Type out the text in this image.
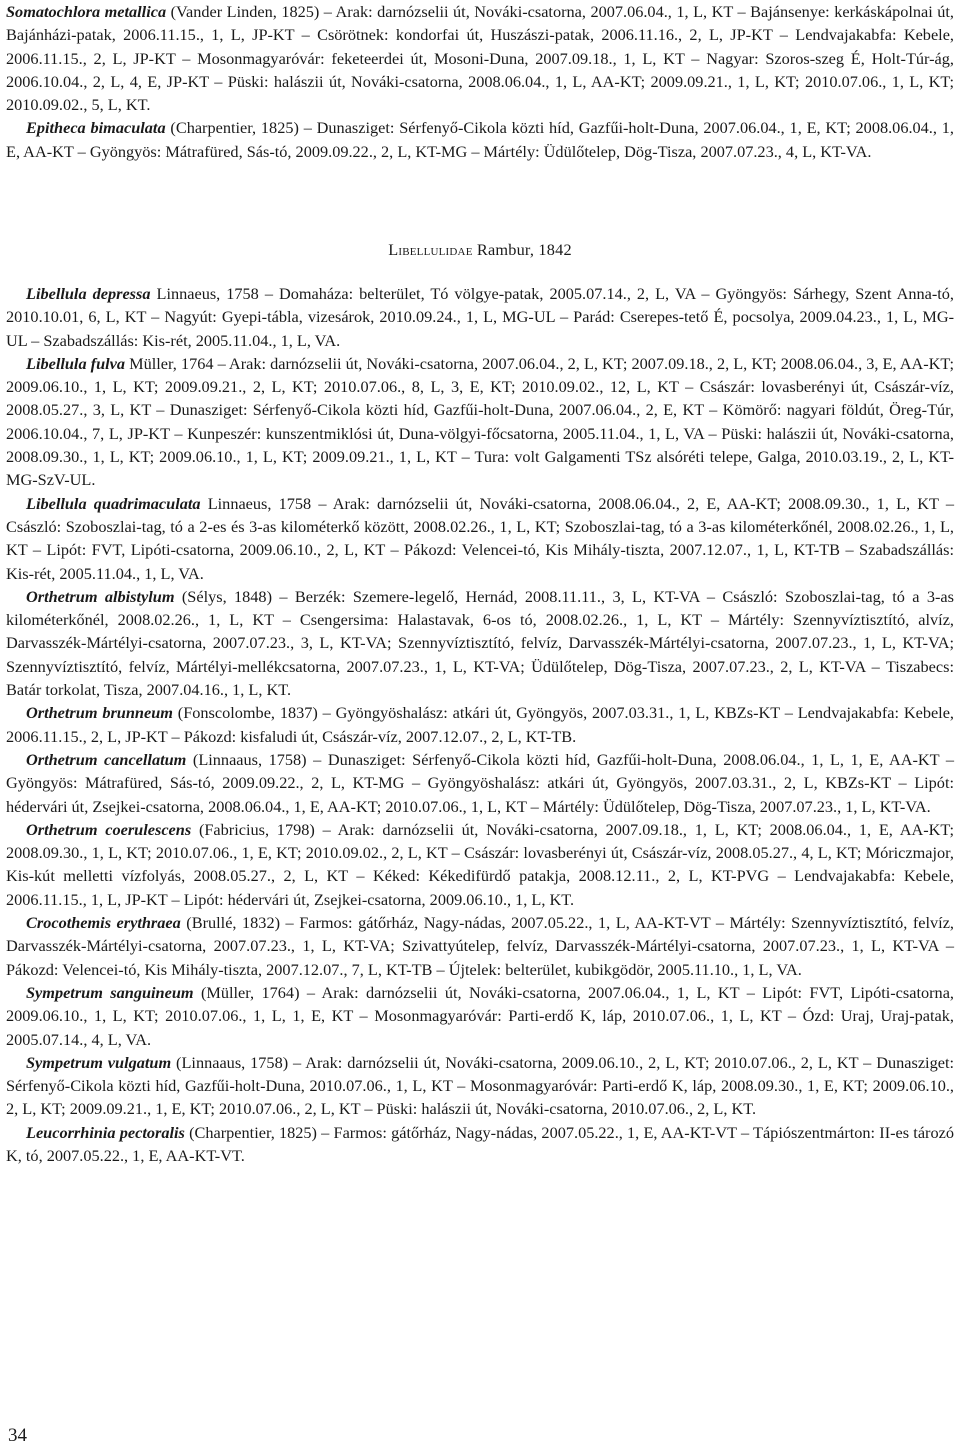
Somatochlora metallica (Vander Linden, 1825) – Arak: darnózselii út, Nováki-csatorna, 2007.06.04., 1, L, KT – Bajánsenye: kerkáskápolnai út, Bajánházi-patak, 2006.11.15., 1, L, JP-KT – Csörötnek: kondorfai út, Huszászi-patak, 2006.11.16., 2, L, JP-KT – Lendvajakabfa: Kebele, 2006.11.15., 2, L, JP-KT – Mosonmagyaróvár: feketeerdei út, Mosoni-Duna, 2007.09.18., 1, L, KT – Nagyar: Szoros-szeg É, Holt-Túr-ág, 2006.10.04., 2, L, 4, E, JP-KT – Püski: halászii út, Nováki-csatorna, 2008.06.04., 1, L, AA-KT; 2009.09.21., 1, L, KT; 2010.07.06., 1, L, KT; 2010.09.02., 5, L, KT.

Epitheca bimaculata (Charpentier, 1825) – Dunasziget: Sérfenyő-Cikola közti híd, Gazfűi-holt-Duna, 2007.06.04., 1, E, KT; 2008.06.04., 1, E, AA-KT – Gyöngyös: Mátrafüred, Sás-tó, 2009.09.22., 2, L, KT-MG – Mártély: Üdülőtelep, Dög-Tisza, 2007.07.23., 4, L, KT-VA.

Libellulidae Rambur, 1842

Libellula depressa Linnaeus, 1758 – Domaháza: belterület, Tó völgye-patak, 2005.07.14., 2, L, VA – Gyöngyös: Sárhegy, Szent Anna-tó, 2010.10.01, 6, L, KT – Nagyút: Gyepi-tábla, vizesárok, 2010.09.24., 1, L, MG-UL – Parád: Cserepes-tető É, pocsolya, 2009.04.23., 1, L, MG-UL – Szabadszállás: Kis-rét, 2005.11.04., 1, L, VA.

Libellula fulva Müller, 1764 – Arak: darnózselii út, Nováki-csatorna, 2007.06.04., 2, L, KT; 2007.09.18., 2, L, KT; 2008.06.04., 3, E, AA-KT; 2009.06.10., 1, L, KT; 2009.09.21., 2, L, KT; 2010.07.06., 8, L, 3, E, KT; 2010.09.02., 12, L, KT – Császár: lovasberényi út, Császár-víz, 2008.05.27., 3, L, KT – Dunasziget: Sérfenyő-Cikola közti híd, Gazfűi-holt-Duna, 2007.06.04., 2, E, KT – Kömörő: nagyari földút, Öreg-Túr, 2006.10.04., 7, L, JP-KT – Kunpeszér: kunszentmiklósi út, Duna-völgyi-főcsatorna, 2005.11.04., 1, L, VA – Püski: halászii út, Nováki-csatorna, 2008.09.30., 1, L, KT; 2009.06.10., 1, L, KT; 2009.09.21., 1, L, KT – Tura: volt Galgamenti TSz alsóréti telepe, Galga, 2010.03.19., 2, L, KT-MG-SzV-UL.

Libellula quadrimaculata Linnaeus, 1758 – Arak: darnózselii út, Nováki-csatorna, 2008.06.04., 2, E, AA-KT; 2008.09.30., 1, L, KT – Császló: Szoboszlai-tag, tó a 2-es és 3-as kilométerkő között, 2008.02.26., 1, L, KT; Szoboszlai-tag, tó a 3-as kilométerkőnél, 2008.02.26., 1, L, KT – Lipót: FVT, Lipóti-csatorna, 2009.06.10., 2, L, KT – Pákozd: Velencei-tó, Kis Mihály-tiszta, 2007.12.07., 1, L, KT-TB – Szabadszállás: Kis-rét, 2005.11.04., 1, L, VA.

Orthetrum albistylum (Sélys, 1848) – Berzék: Szemere-legelő, Hernád, 2008.11.11., 3, L, KT-VA – Császló: Szoboszlai-tag, tó a 3-as kilométerkőnél, 2008.02.26., 1, L, KT – Csengersima: Halastavak, 6-os tó, 2008.02.26., 1, L, KT – Mártély: Szennyvíztisztító, alvíz, Darvasszék-Mártélyi-csatorna, 2007.07.23., 3, L, KT-VA; Szennyvíztisztító, felvíz, Darvasszék-Mártélyi-csatorna, 2007.07.23., 1, L, KT-VA; Szennyvíztisztító, felvíz, Mártélyi-mellékcsatorna, 2007.07.23., 1, L, KT-VA; Üdülőtelep, Dög-Tisza, 2007.07.23., 2, L, KT-VA – Tiszabecs: Batár torkolat, Tisza, 2007.04.16., 1, L, KT.

Orthetrum brunneum (Fonscolombe, 1837) – Gyöngyöshalász: atkári út, Gyöngyös, 2007.03.31., 1, L, KBZs-KT – Lendvajakabfa: Kebele, 2006.11.15., 2, L, JP-KT – Pákozd: kisfaludi út, Császár-víz, 2007.12.07., 2, L, KT-TB.

Orthetrum cancellatum (Linnaaus, 1758) – Dunasziget: Sérfenyő-Cikola közti híd, Gazfűi-holt-Duna, 2008.06.04., 1, L, 1, E, AA-KT – Gyöngyös: Mátrafüred, Sás-tó, 2009.09.22., 2, L, KT-MG – Gyöngyöshalász: atkári út, Gyöngyös, 2007.03.31., 2, L, KBZs-KT – Lipót: hédervári út, Zsejkei-csatorna, 2008.06.04., 1, E, AA-KT; 2010.07.06., 1, L, KT – Mártély: Üdülőtelep, Dög-Tisza, 2007.07.23., 1, L, KT-VA.

Orthetrum coerulescens (Fabricius, 1798) – Arak: darnózselii út, Nováki-csatorna, 2007.09.18., 1, L, KT; 2008.06.04., 1, E, AA-KT; 2008.09.30., 1, L, KT; 2010.07.06., 1, E, KT; 2010.09.02., 2, L, KT – Császár: lovasberényi út, Császár-víz, 2008.05.27., 4, L, KT; Móriczmajor, Kis-kút melletti vízfolyás, 2008.05.27., 2, L, KT – Kéked: Kékedifürdő patakja, 2008.12.11., 2, L, KT-PVG – Lendvajakabfa: Kebele, 2006.11.15., 1, L, JP-KT – Lipót: hédervári út, Zsejkei-csatorna, 2009.06.10., 1, L, KT.

Crocothemis erythraea (Brullé, 1832) – Farmos: gátőrház, Nagy-nádas, 2007.05.22., 1, L, AA-KT-VT – Mártély: Szennyvíztisztító, felvíz, Darvasszék-Mártélyi-csatorna, 2007.07.23., 1, L, KT-VA; Szivattyútelep, felvíz, Darvasszék-Mártélyi-csatorna, 2007.07.23., 1, L, KT-VA – Pákozd: Velencei-tó, Kis Mihály-tiszta, 2007.12.07., 7, L, KT-TB – Újtelek: belterület, kubikgödör, 2005.11.10., 1, L, VA.

Sympetrum sanguineum (Müller, 1764) – Arak: darnózselii út, Nováki-csatorna, 2007.06.04., 1, L, KT – Lipót: FVT, Lipóti-csatorna, 2009.06.10., 1, L, KT; 2010.07.06., 1, L, 1, E, KT – Mosonmagyaróvár: Parti-erdő K, láp, 2010.07.06., 1, L, KT – Ózd: Uraj, Uraj-patak, 2005.07.14., 4, L, VA.

Sympetrum vulgatum (Linnaaus, 1758) – Arak: darnózselii út, Nováki-csatorna, 2009.06.10., 2, L, KT; 2010.07.06., 2, L, KT – Dunasziget: Sérfenyő-Cikola közti híd, Gazfűi-holt-Duna, 2010.07.06., 1, L, KT – Mosonmagyaróvár: Parti-erdő K, láp, 2008.09.30., 1, E, KT; 2009.06.10., 2, L, KT; 2009.09.21., 1, E, KT; 2010.07.06., 2, L, KT – Püski: halászii út, Nováki-csatorna, 2010.07.06., 2, L, KT.

Leucorrhinia pectoralis (Charpentier, 1825) – Farmos: gátőrház, Nagy-nádas, 2007.05.22., 1, E, AA-KT-VT – Tápiószentmárton: II-es tározó K, tó, 2007.05.22., 1, E, AA-KT-VT.

34
